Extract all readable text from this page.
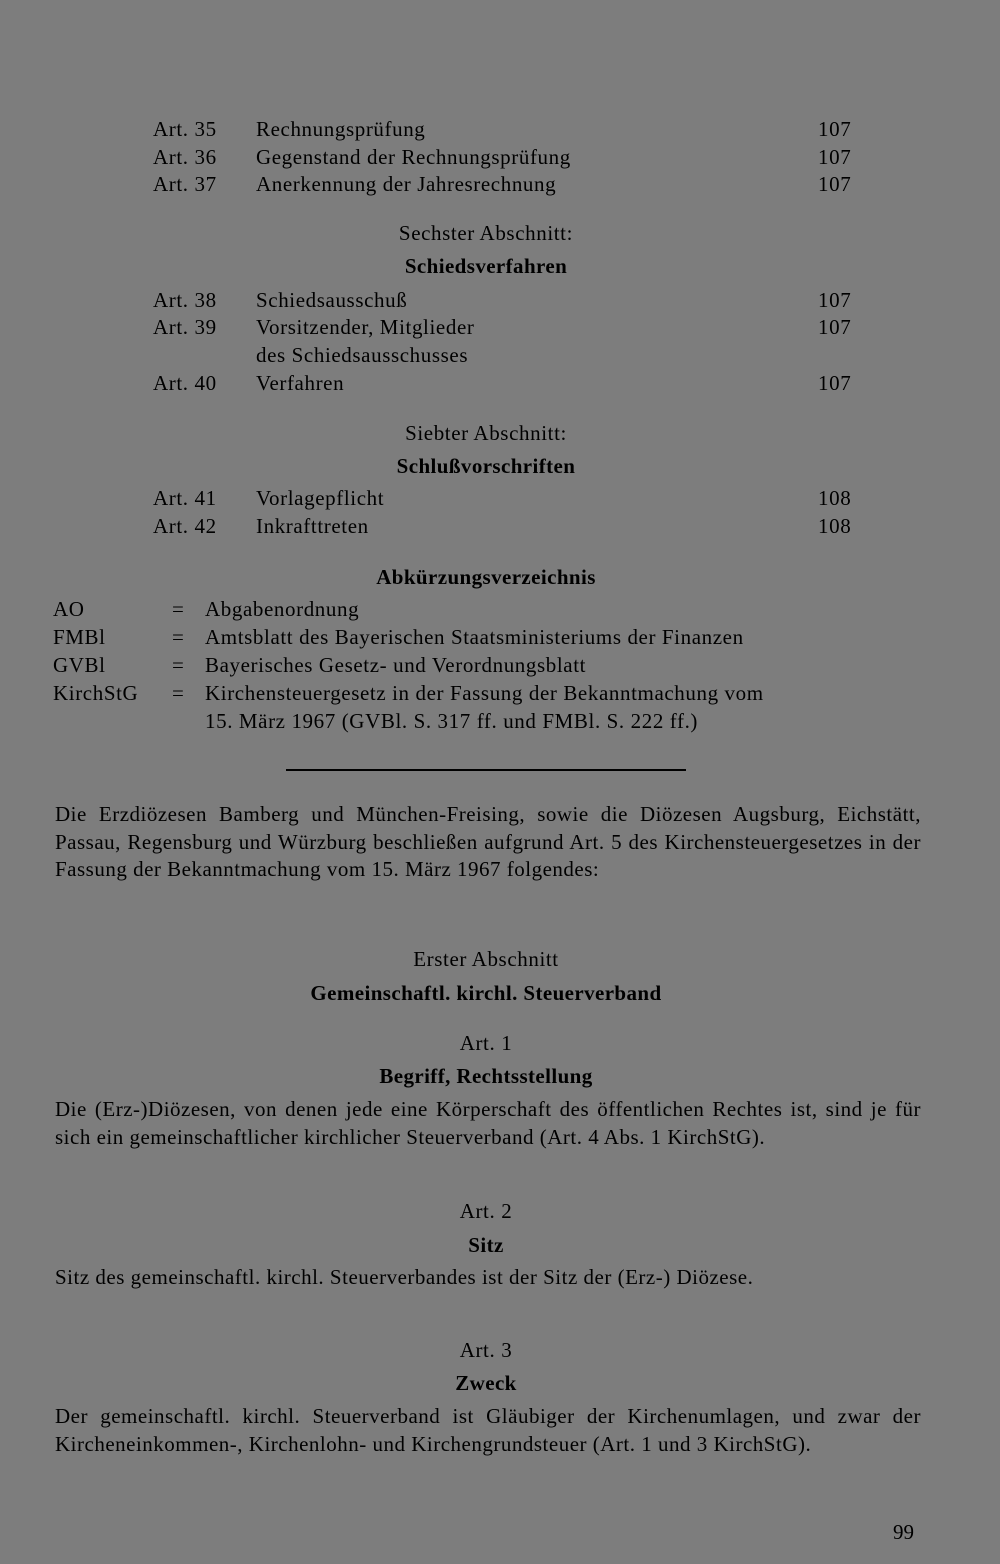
Art. 35 Rechnungsprüfung	107
Art. 36 Gegenstand der Rechnungsprüfung	107
Art. 37 Anerkennung der Jahresrechnung	107
Sechster Abschnitt:
Schiedsverfahren
Art. 38 Schiedsausschuß	107
Art. 39 Vorsitzender, Mitglieder	107
des Schiedsausschusses
Art. 40 Verfahren	107
Siebter Abschnitt:
Schlußvorschriften
Art. 41 Vorlagepflicht	108
Art. 42 Inkrafttreten	108
Abkürzungsverzeichnis
AO	= Abgabenordnung
FMBl	= Amtsblatt des Bayerischen Staatsministeriums der Finanzen
GVBl	= Bayerisches Gesetz- und Verordnungsblatt
KirchStG = Kirchensteuergesetz in der Fassung der Bekanntmachung vom
15. März 1967 (GVBl. S. 317 ff. und FMBl. S. 222 ff.)
Die Erzdiözesen Bamberg und München-Freising, sowie die Diözesen Augsburg, Eichstätt, Passau, Regensburg und Würzburg beschließen aufgrund Art. 5 des Kirchensteuergesetzes in der Fassung der Bekanntmachung vom 15. März 1967 folgendes:
Erster Abschnitt
Gemeinschaftl. kirchl. Steuerverband
Art. 1
Begriff, Rechtsstellung
Die (Erz-)Diözesen, von denen jede eine Körperschaft des öffentlichen Rechtes ist, sind je für sich ein gemeinschaftlicher kirchlicher Steuerverband (Art. 4 Abs. 1 KirchStG).
Art. 2
Sitz
Sitz des gemeinschaftl. kirchl. Steuerverbandes ist der Sitz der (Erz-) Diözese.
Art. 3
Zweck
Der gemeinschaftl. kirchl. Steuerverband ist Gläubiger der Kirchenumlagen, und zwar der Kircheneinkommen-, Kirchenlohn- und Kirchengrundsteuer (Art. 1 und 3 KirchStG).
99
